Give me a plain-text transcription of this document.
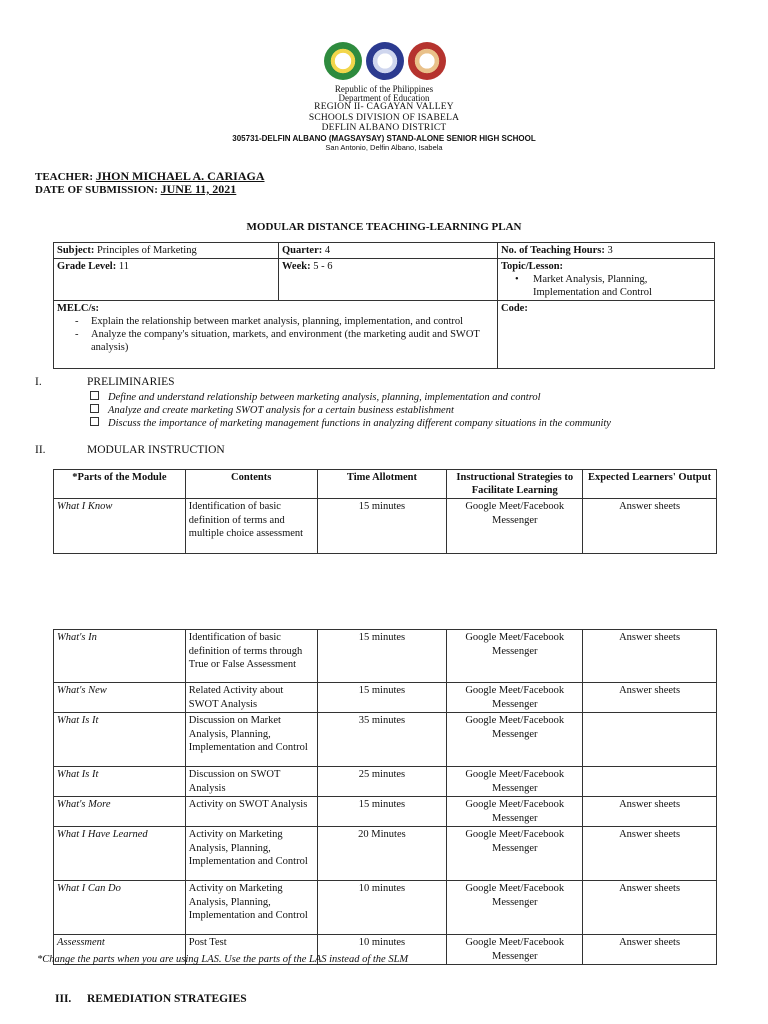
Republic of the Philippines
Department of Education
REGION II- CAGAYAN VALLEY
SCHOOLS DIVISION OF ISABELA
DEFLIN ALBANO DISTRICT
305731-DELFIN ALBANO (MAGSAYSAY) STAND-ALONE SENIOR HIGH SCHOOL
San Antonio, Delfin Albano, Isabela
TEACHER: JHON MICHAEL A. CARIAGA
DATE OF SUBMISSION: JUNE 11, 2021
MODULAR DISTANCE TEACHING-LEARNING PLAN
Subject: Principles of Marketing	Quarter: 4	No. of Teaching Hours: 3
Grade Level: 11	Week: 5 - 6	Topic/Lesson:
• Market Analysis, Planning, Implementation and Control

MELC/s:
- Explain the relationship between market analysis, planning, implementation, and control
- Analyze the company's situation, markets, and environment (the marketing audit and SWOT analysis)		Code:
I.	PRELIMINARIES
Define and understand relationship between marketing analysis, planning, implementation and control
Analyze and create marketing SWOT analysis for a certain business establishment
Discuss the importance of marketing management functions in analyzing different company situations in the community
II.	MODULAR INSTRUCTION
*Parts of the Module	Contents	Time Allotment	Instructional Strategies to Facilitate Learning	Expected Learners' Output
What I Know	Identification of basic definition of terms and multiple choice assessment	15 minutes	Google Meet/Facebook Messenger	Answer sheets
What's In	Identification of basic definition of terms through True or False Assessment	15 minutes	Google Meet/Facebook Messenger	Answer sheets
What's New	Related Activity about SWOT Analysis	15 minutes	Google Meet/Facebook Messenger	Answer sheets
What Is It	Discussion on Market Analysis, Planning, Implementation and Control	35 minutes	Google Meet/Facebook Messenger	
What Is It	Discussion on SWOT Analysis	25 minutes	Google Meet/Facebook Messenger	
What's More	Activity on SWOT Analysis	15 minutes	Google Meet/Facebook Messenger	Answer sheets
What I Have Learned	Activity on Marketing Analysis, Planning, Implementation and Control	20 Minutes	Google Meet/Facebook Messenger	Answer sheets
What I Can Do	Activity on Marketing Analysis, Planning, Implementation and Control	10 minutes	Google Meet/Facebook Messenger	Answer sheets
Assessment	Post Test	10 minutes	Google Meet/Facebook Messenger	Answer sheets
*Change the parts when you are using LAS. Use the parts of the LAS instead of the SLM
III. REMEDIATION STRATEGIES
